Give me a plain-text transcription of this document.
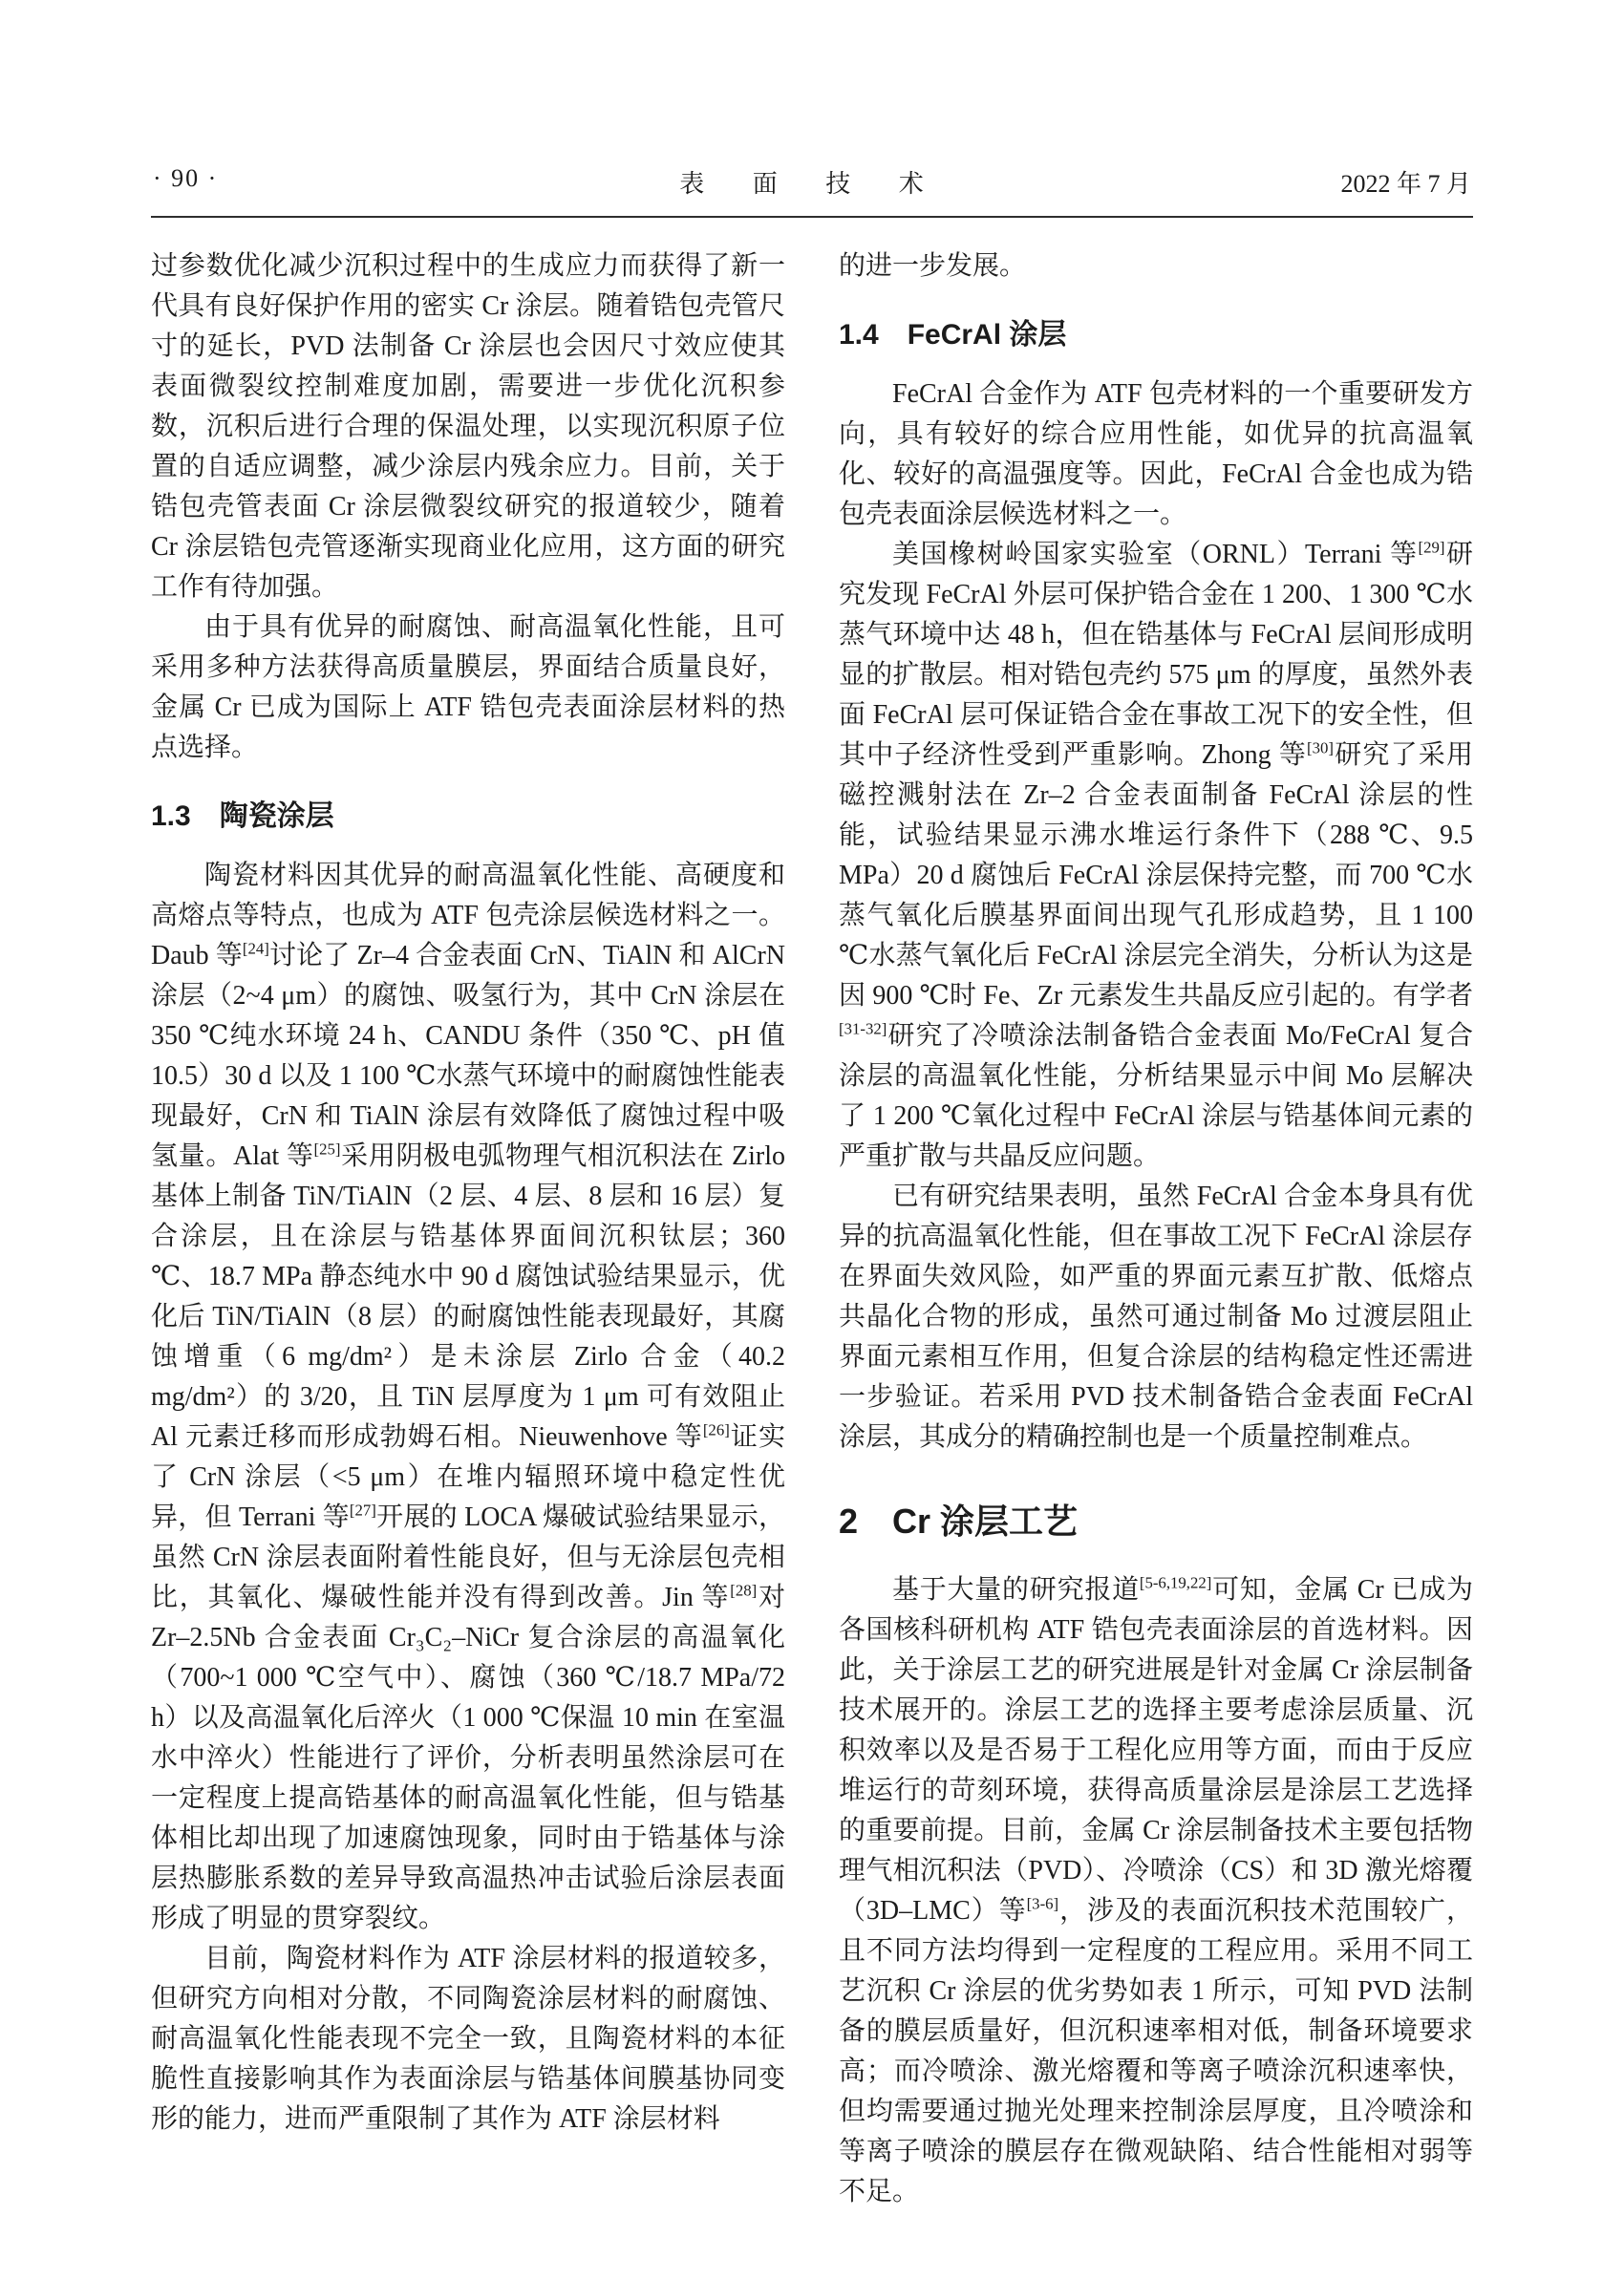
· 90 ·	表 面 技 术	2022 年 7 月

过参数优化减少沉积过程中的生成应力而获得了新一代具有良好保护作用的密实 Cr 涂层。随着锆包壳管尺寸的延长，PVD 法制备 Cr 涂层也会因尺寸效应使其表面微裂纹控制难度加剧，需要进一步优化沉积参数，沉积后进行合理的保温处理，以实现沉积原子位置的自适应调整，减少涂层内残余应力。目前，关于锆包壳管表面 Cr 涂层微裂纹研究的报道较少，随着 Cr 涂层锆包壳管逐渐实现商业化应用，这方面的研究工作有待加强。

由于具有优异的耐腐蚀、耐高温氧化性能，且可采用多种方法获得高质量膜层，界面结合质量良好，金属 Cr 已成为国际上 ATF 锆包壳表面涂层材料的热点选择。

1.3　陶瓷涂层

陶瓷材料因其优异的耐高温氧化性能、高硬度和高熔点等特点，也成为 ATF 包壳涂层候选材料之一。Daub 等[24]讨论了 Zr–4 合金表面 CrN、TiAlN 和 AlCrN 涂层（2~4 μm）的腐蚀、吸氢行为，其中 CrN 涂层在 350 ℃纯水环境 24 h、CANDU 条件（350 ℃、pH 值 10.5）30 d 以及 1 100 ℃水蒸气环境中的耐腐蚀性能表现最好，CrN 和 TiAlN 涂层有效降低了腐蚀过程中吸氢量。Alat 等[25]采用阴极电弧物理气相沉积法在 Zirlo 基体上制备 TiN/TiAlN（2 层、4 层、8 层和 16 层）复合涂层，且在涂层与锆基体界面间沉积钛层；360 ℃、18.7 MPa 静态纯水中 90 d 腐蚀试验结果显示，优化后 TiN/TiAlN（8 层）的耐腐蚀性能表现最好，其腐蚀增重（6 mg/dm²）是未涂层 Zirlo 合金（40.2 mg/dm²）的 3/20，且 TiN 层厚度为 1 μm 可有效阻止 Al 元素迁移而形成勃姆石相。Nieuwenhove 等[26]证实了 CrN 涂层（<5 μm）在堆内辐照环境中稳定性优异，但 Terrani 等[27]开展的 LOCA 爆破试验结果显示，虽然 CrN 涂层表面附着性能良好，但与无涂层包壳相比，其氧化、爆破性能并没有得到改善。Jin 等[28]对 Zr–2.5Nb 合金表面 Cr₃C₂–NiCr 复合涂层的高温氧化（700~1 000 ℃空气中）、腐蚀（360 ℃/18.7 MPa/72 h）以及高温氧化后淬火（1 000 ℃保温 10 min 在室温水中淬火）性能进行了评价，分析表明虽然涂层可在一定程度上提高锆基体的耐高温氧化性能，但与锆基体相比却出现了加速腐蚀现象，同时由于锆基体与涂层热膨胀系数的差异导致高温热冲击试验后涂层表面形成了明显的贯穿裂纹。

目前，陶瓷材料作为 ATF 涂层材料的报道较多，但研究方向相对分散，不同陶瓷涂层材料的耐腐蚀、耐高温氧化性能表现不完全一致，且陶瓷材料的本征脆性直接影响其作为表面涂层与锆基体间膜基协同变形的能力，进而严重限制了其作为 ATF 涂层材料

的进一步发展。

1.4　FeCrAl 涂层

FeCrAl 合金作为 ATF 包壳材料的一个重要研发方向，具有较好的综合应用性能，如优异的抗高温氧化、较好的高温强度等。因此，FeCrAl 合金也成为锆包壳表面涂层候选材料之一。

美国橡树岭国家实验室（ORNL）Terrani 等[29]研究发现 FeCrAl 外层可保护锆合金在 1 200、1 300 ℃水蒸气环境中达 48 h，但在锆基体与 FeCrAl 层间形成明显的扩散层。相对锆包壳约 575 μm 的厚度，虽然外表面 FeCrAl 层可保证锆合金在事故工况下的安全性，但其中子经济性受到严重影响。Zhong 等[30]研究了采用磁控溅射法在 Zr–2 合金表面制备 FeCrAl 涂层的性能，试验结果显示沸水堆运行条件下（288 ℃、9.5 MPa）20 d 腐蚀后 FeCrAl 涂层保持完整，而 700 ℃水蒸气氧化后膜基界面间出现气孔形成趋势，且 1 100 ℃水蒸气氧化后 FeCrAl 涂层完全消失，分析认为这是因 900 ℃时 Fe、Zr 元素发生共晶反应引起的。有学者[31-32]研究了冷喷涂法制备锆合金表面 Mo/FeCrAl 复合涂层的高温氧化性能，分析结果显示中间 Mo 层解决了 1 200 ℃氧化过程中 FeCrAl 涂层与锆基体间元素的严重扩散与共晶反应问题。

已有研究结果表明，虽然 FeCrAl 合金本身具有优异的抗高温氧化性能，但在事故工况下 FeCrAl 涂层存在界面失效风险，如严重的界面元素互扩散、低熔点共晶化合物的形成，虽然可通过制备 Mo 过渡层阻止界面元素相互作用，但复合涂层的结构稳定性还需进一步验证。若采用 PVD 技术制备锆合金表面 FeCrAl 涂层，其成分的精确控制也是一个质量控制难点。

2　Cr 涂层工艺

基于大量的研究报道[5-6,19,22]可知，金属 Cr 已成为各国核科研机构 ATF 锆包壳表面涂层的首选材料。因此，关于涂层工艺的研究进展是针对金属 Cr 涂层制备技术展开的。涂层工艺的选择主要考虑涂层质量、沉积效率以及是否易于工程化应用等方面，而由于反应堆运行的苛刻环境，获得高质量涂层是涂层工艺选择的重要前提。目前，金属 Cr 涂层制备技术主要包括物理气相沉积法（PVD）、冷喷涂（CS）和 3D 激光熔覆（3D–LMC）等[3-6]，涉及的表面沉积技术范围较广，且不同方法均得到一定程度的工程应用。采用不同工艺沉积 Cr 涂层的优劣势如表 1 所示，可知 PVD 法制备的膜层质量好，但沉积速率相对低，制备环境要求高；而冷喷涂、激光熔覆和等离子喷涂沉积速率快，但均需要通过抛光处理来控制涂层厚度，且冷喷涂和等离子喷涂的膜层存在微观缺陷、结合性能相对弱等不足。
